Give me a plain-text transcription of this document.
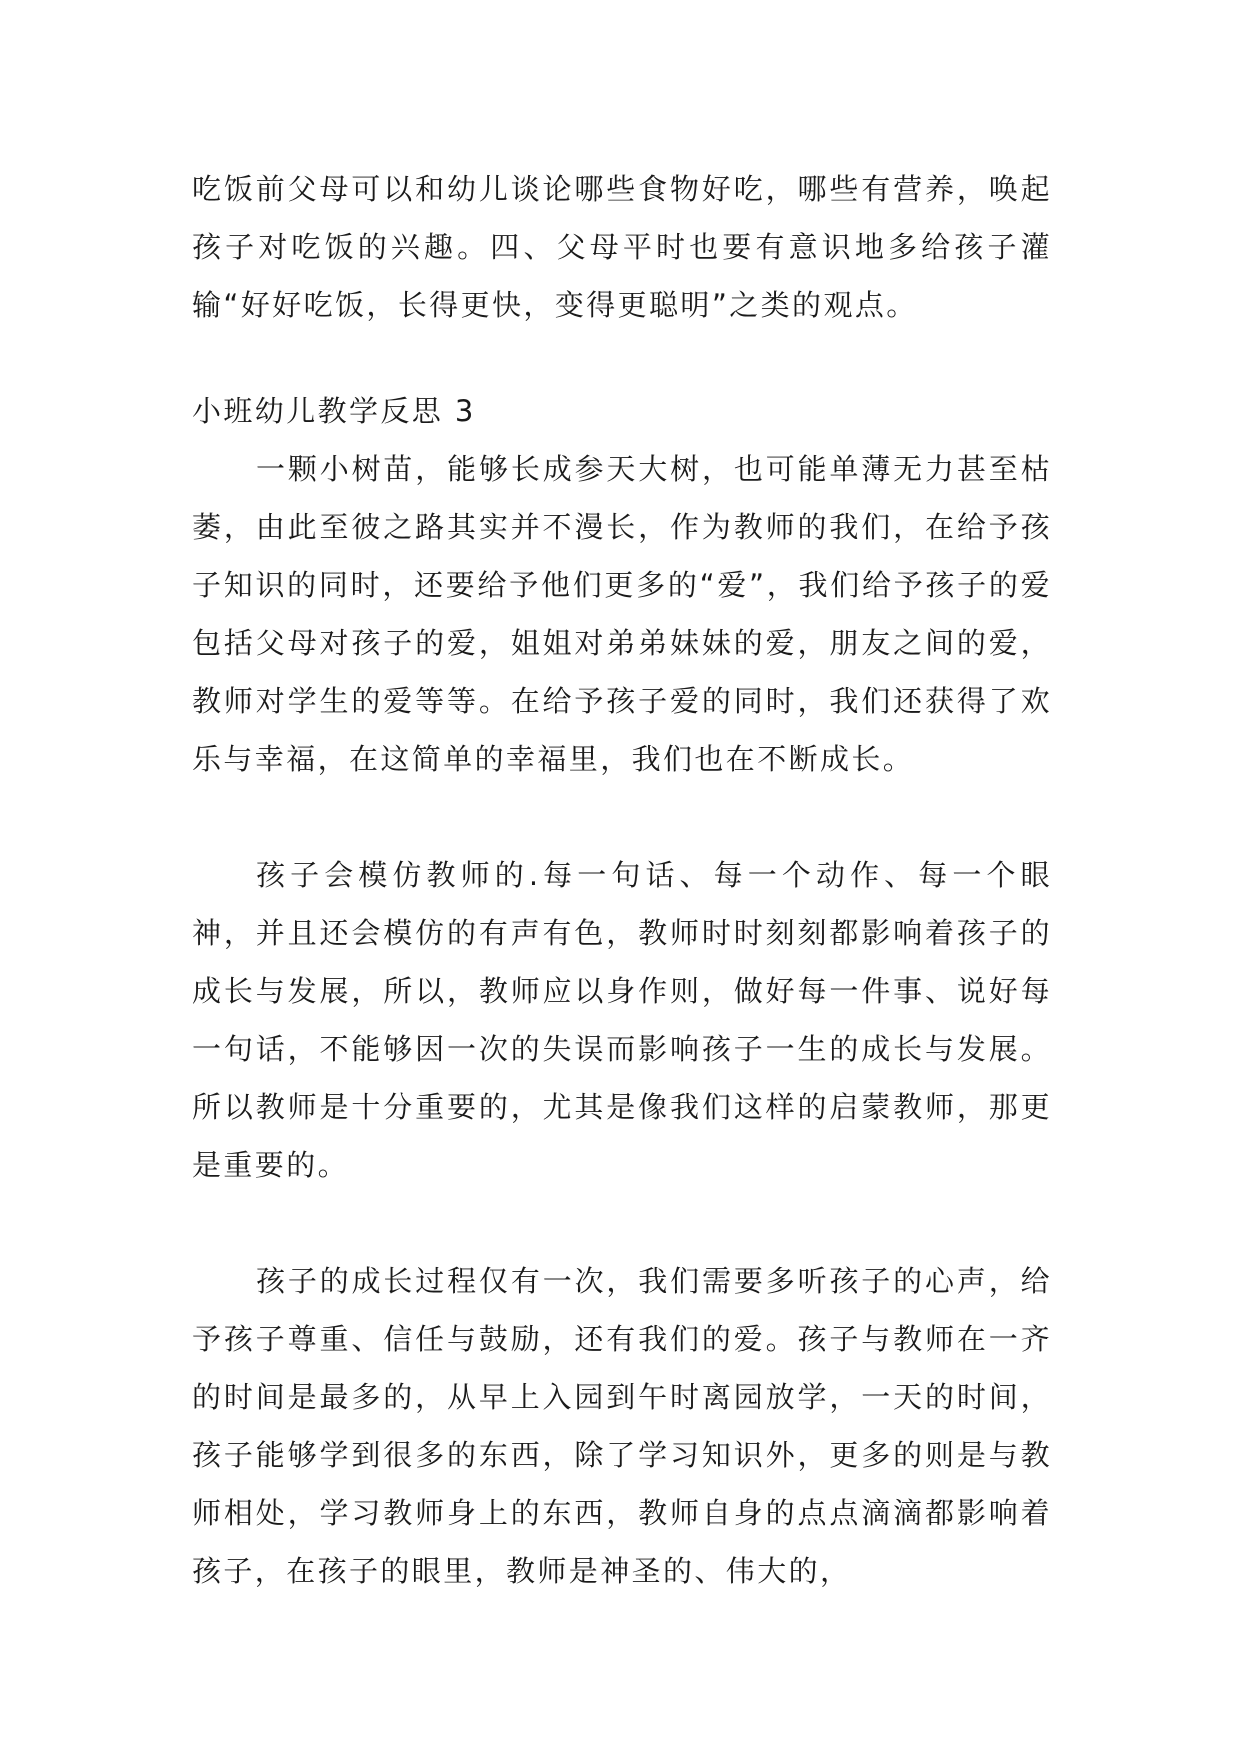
吃饭前父母可以和幼儿谈论哪些食物好吃，哪些有营养，唤起孩子对吃饭的兴趣。四、父母平时也要有意识地多给孩子灌输“好好吃饭，长得更快，变得更聪明”之类的观点。

小班幼儿教学反思 3

一颗小树苗，能够长成参天大树，也可能单薄无力甚至枯萎，由此至彼之路其实并不漫长，作为教师的我们，在给予孩子知识的同时，还要给予他们更多的“爱”，我们给予孩子的爱包括父母对孩子的爱，姐姐对弟弟妹妹的爱，朋友之间的爱，教师对学生的爱等等。在给予孩子爱的同时，我们还获得了欢乐与幸福，在这简单的幸福里，我们也在不断成长。

孩子会模仿教师的.每一句话、每一个动作、每一个眼神，并且还会模仿的有声有色，教师时时刻刻都影响着孩子的成长与发展，所以，教师应以身作则，做好每一件事、说好每一句话，不能够因一次的失误而影响孩子一生的成长与发展。所以教师是十分重要的，尤其是像我们这样的启蒙教师，那更是重要的。

孩子的成长过程仅有一次，我们需要多听孩子的心声，给予孩子尊重、信任与鼓励，还有我们的爱。孩子与教师在一齐的时间是最多的，从早上入园到午时离园放学，一天的时间，孩子能够学到很多的东西，除了学习知识外，更多的则是与教师相处，学习教师身上的东西，教师自身的点点滴滴都影响着孩子，在孩子的眼里，教师是神圣的、伟大的，
